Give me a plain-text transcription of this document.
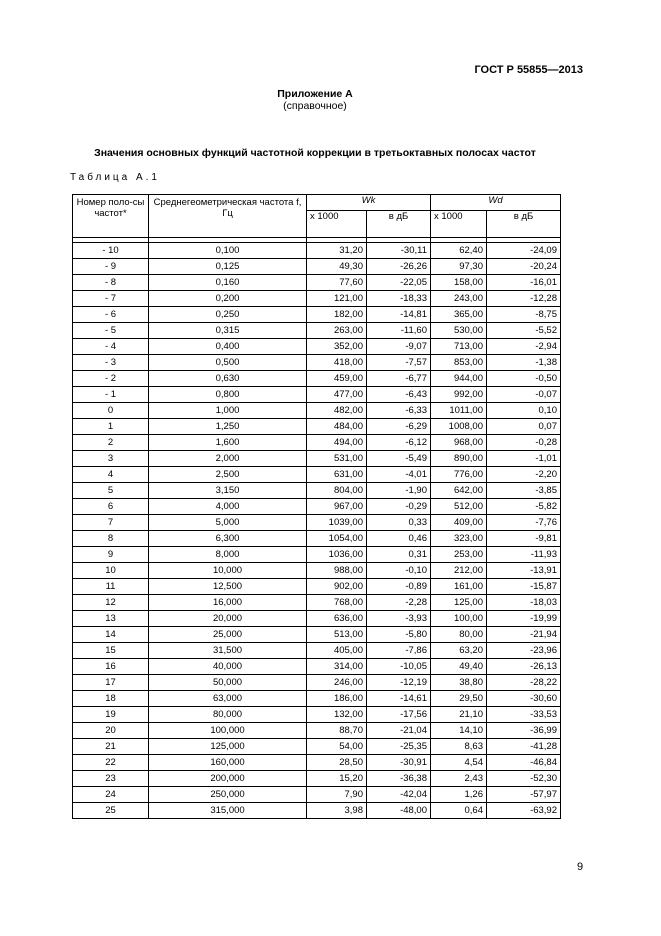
ГОСТ Р 55855—2013
Приложение А
(справочное)
Значения основных функций частотной коррекции в третьоктавных полосах частот
Таблица А.1
Номер поло-сы частот*	Среднегеометрическая частота f, Гц	Wk		Wd	
		x 1000	в дБ	x 1000	в дБ

- 10	0,100	31,20	-30,11	62,40	-24,09
- 9	0,125	49,30	-26,26	97,30	-20,24
- 8	0,160	77,60	-22,05	158,00	-16,01
- 7	0,200	121,00	-18,33	243,00	-12,28
- 6	0,250	182,00	-14,81	365,00	-8,75
- 5	0,315	263,00	-11,60	530,00	-5,52
- 4	0,400	352,00	-9,07	713,00	-2,94
- 3	0,500	418,00	-7,57	853,00	-1,38
- 2	0,630	459,00	-6,77	944,00	-0,50
- 1	0,800	477,00	-6,43	992,00	-0,07
0	1,000	482,00	-6,33	1011,00	0,10
1	1,250	484,00	-6,29	1008,00	0,07
2	1,600	494,00	-6,12	968,00	-0,28
3	2,000	531,00	-5,49	890,00	-1,01
4	2,500	631,00	-4,01	776,00	-2,20
5	3,150	804,00	-1,90	642,00	-3,85
6	4,000	967,00	-0,29	512,00	-5,82
7	5,000	1039,00	0,33	409,00	-7,76
8	6,300	1054,00	0,46	323,00	-9,81
9	8,000	1036,00	0,31	253,00	-11,93
10	10,000	988,00	-0,10	212,00	-13,91
11	12,500	902,00	-0,89	161,00	-15,87
12	16,000	768,00	-2,28	125,00	-18,03
13	20,000	636,00	-3,93	100,00	-19,99
14	25,000	513,00	-5,80	80,00	-21,94
15	31,500	405,00	-7,86	63,20	-23,96
16	40,000	314,00	-10,05	49,40	-26,13
17	50,000	246,00	-12,19	38,80	-28,22
18	63,000	186,00	-14,61	29,50	-30,60
19	80,000	132,00	-17,56	21,10	-33,53
20	100,000	88,70	-21,04	14,10	-36,99
21	125,000	54,00	-25,35	8,63	-41,28
22	160,000	28,50	-30,91	4,54	-46,84
23	200,000	15,20	-36,38	2,43	-52,30
24	250,000	7,90	-42,04	1,26	-57,97
25	315,000	3,98	-48,00	0,64	-63,92
9
